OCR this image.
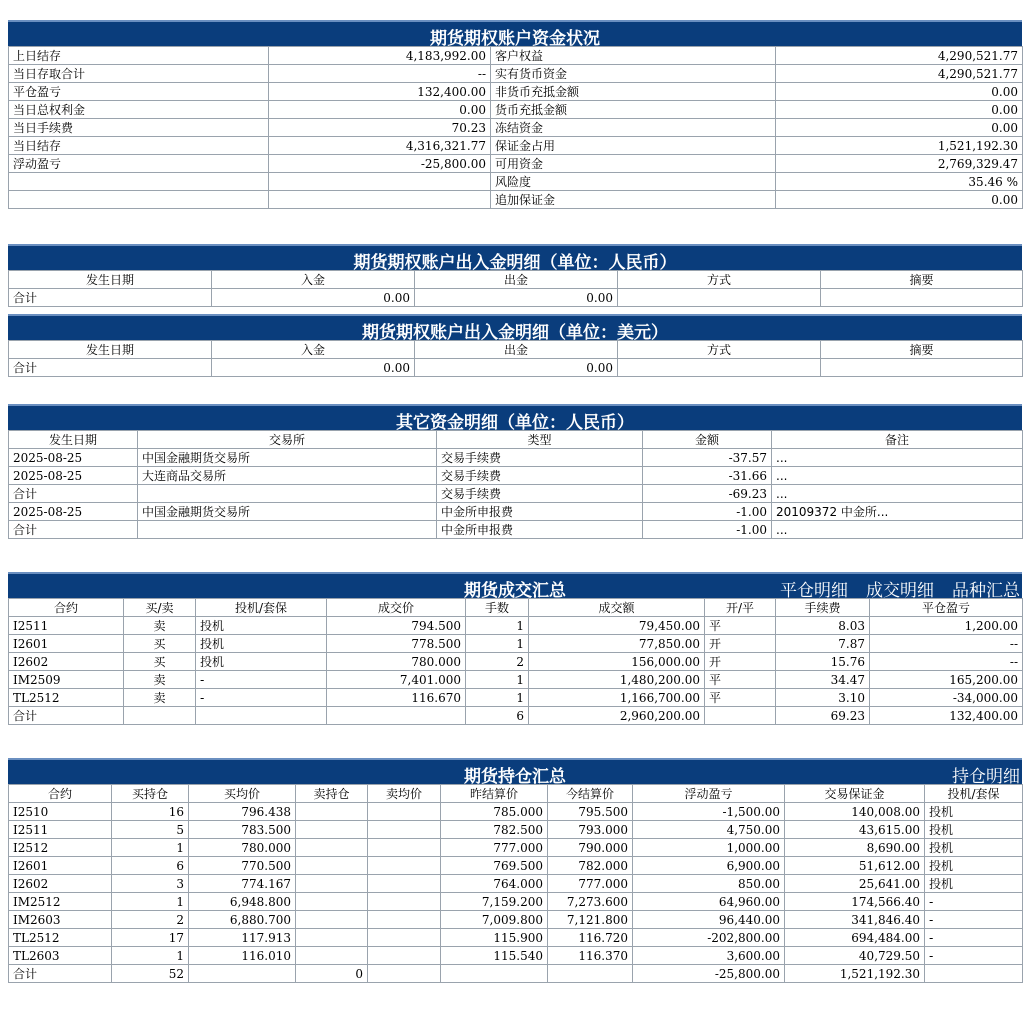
期货期权账户资金状况
上日结存	4,183,992.00	客户权益	4,290,521.77
当日存取合计	--	实有货币资金	4,290,521.77
平仓盈亏	132,400.00	非货币充抵金额	0.00
当日总权利金	0.00	货币充抵金额	0.00
当日手续费	70.23	冻结资金	0.00
当日结存	4,316,321.77	保证金占用	1,521,192.30
浮动盈亏	-25,800.00	可用资金	2,769,329.47
		风险度	35.46 %
		追加保证金	0.00
期货期权账户出入金明细（单位：人民币）
发生日期	入金	出金	方式	摘要
合计	0.00	0.00		
期货期权账户出入金明细（单位：美元）
发生日期	入金	出金	方式	摘要
合计	0.00	0.00		
其它资金明细（单位：人民币）
发生日期	交易所	类型	金额	备注
2025-08-25	中国金融期货交易所	交易手续费	-37.57	...
2025-08-25	大连商品交易所	交易手续费	-31.66	...
合计		交易手续费	-69.23	...
2025-08-25	中国金融期货交易所	中金所申报费	-1.00	20109372 中金所...
合计		中金所申报费	-1.00	...
期货成交汇总	平仓明细 成交明细 品种汇总
合约	买/卖	投机/套保	成交价	手数	成交额	开/平	手续费	平仓盈亏
I2511	卖	投机	794.500	1	79,450.00	平	8.03	1,200.00
I2601	买	投机	778.500	1	77,850.00	开	7.87	--
I2602	买	投机	780.000	2	156,000.00	开	15.76	--
IM2509	卖	-	7,401.000	1	1,480,200.00	平	34.47	165,200.00
TL2512	卖	-	116.670	1	1,166,700.00	平	3.10	-34,000.00
合计				6	2,960,200.00		69.23	132,400.00
期货持仓汇总	持仓明细
合约	买持仓	买均价	卖持仓	卖均价	昨结算价	今结算价	浮动盈亏	交易保证金	投机/套保
I2510	16	796.438			785.000	795.500	-1,500.00	140,008.00	投机
I2511	5	783.500			782.500	793.000	4,750.00	43,615.00	投机
I2512	1	780.000			777.000	790.000	1,000.00	8,690.00	投机
I2601	6	770.500			769.500	782.000	6,900.00	51,612.00	投机
I2602	3	774.167			764.000	777.000	850.00	25,641.00	投机
IM2512	1	6,948.800			7,159.200	7,273.600	64,960.00	174,566.40	-
IM2603	2	6,880.700			7,009.800	7,121.800	96,440.00	341,846.40	-
TL2512	17	117.913			115.900	116.720	-202,800.00	694,484.00	-
TL2603	1	116.010			115.540	116.370	3,600.00	40,729.50	-
合计	52		0				-25,800.00	1,521,192.30	
